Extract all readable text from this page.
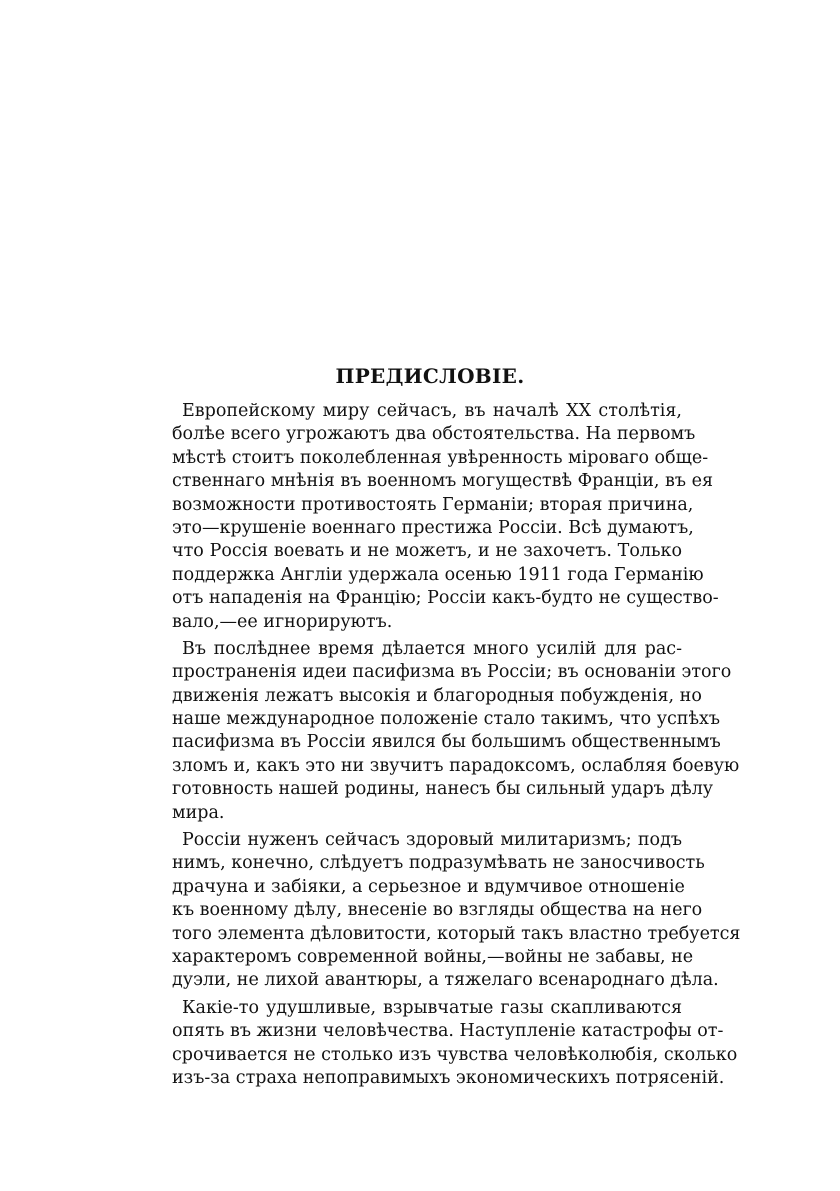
ПРЕДИСЛОВІЕ.
Европейскому миру сейчасъ, въ началѣ XX столѣтія,
болѣе всего угрожаютъ два обстоятельства. На первомъ
мѣстѣ стоитъ поколебленная увѣренность міроваго обще-
ственнаго мнѣнія въ военномъ могуществѣ Франціи, въ ея
возможности противостоять Германіи; вторая причина,
это—крушеніе военнаго престижа Россіи. Всѣ думаютъ,
что Россія воевать и не можетъ, и не захочетъ. Только
поддержка Англіи удержала осенью 1911 года Германію
отъ нападенія на Францію; Россіи какъ-будто не существо-
вало,—ее игнорируютъ.
Въ послѣднее время дѣлается много усилій для рас-
пространенія идеи пасифизма въ Россіи; въ основаніи этого
движенія лежатъ высокія и благородныя побужденія, но
наше международное положеніе стало такимъ, что успѣхъ
пасифизма въ Россіи явился бы большимъ общественнымъ
зломъ и, какъ это ни звучитъ парадоксомъ, ослабляя боевую
готовность нашей родины, нанесъ бы сильный ударъ дѣлу
мира.
Россіи нуженъ сейчасъ здоровый милитаризмъ; подъ
нимъ, конечно, слѣдуетъ подразумѣвать не заносчивость
драчуна и забіяки, а серьезное и вдумчивое отношеніе
къ военному дѣлу, внесеніе во взгляды общества на него
того элемента дѣловитости, который такъ властно требуется
характеромъ современной войны,—войны не забавы, не
дуэли, не лихой авантюры, а тяжелаго всенароднаго дѣла.
Какіе-то удушливые, взрывчатые газы скапливаются
опять въ жизни человѣчества. Наступленіе катастрофы от-
срочивается не столько изъ чувства человѣколюбія, сколько
изъ-за страха непоправимыхъ экономическихъ потрясеній.
